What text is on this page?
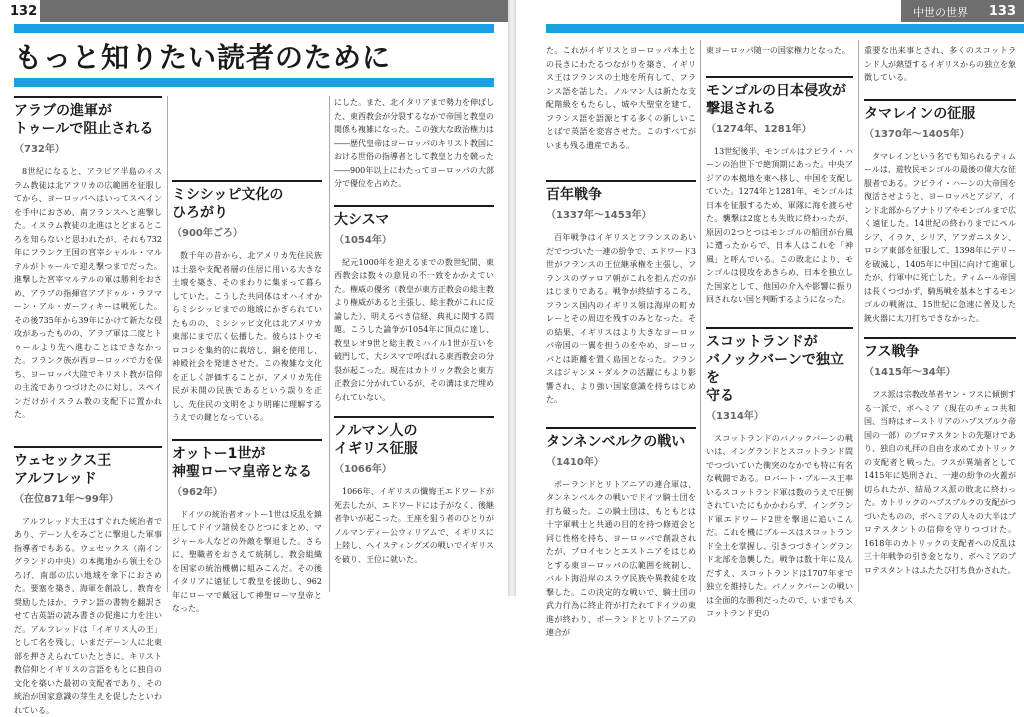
132
もっと知りたい読者のために
アラブの進軍が
トゥールで阻止される
（732年）

8世紀になると、アラビア半島のイスラム教徒は北アフリカの広範囲を征服してから、ヨーロッパへはいってスペインを手中におさめ、南フランスへと進撃した。イスラム教徒の北進はとどまるところを知らないと思われたが、それも732年にフランク王国の宮宰シャルル・マルテルがトゥールで迎え撃つまでだった。進撃した宮宰マルテルの軍は勝利をおさめ、アラブの指揮官アブドゥル・ラフマーン・アル・ガーフィキーは戦死した。その後735年から39年にかけて新たな侵攻があったものの、アラブ軍は二度とトゥールより先へ進むことはできなかった。フランク族が西ヨーロッパで力を保ち、ヨーロッパ大陸でキリスト教が信仰の主流でありつづけたのに対し、スペインだけがイスラム教の支配下に置かれた。

ウェセックス王
アルフレッド
（在位871年〜99年）

アルフレッド大王はすぐれた統治者であり、デーン人をみごとに撃退した軍事指導者でもある。ウェセックス（南イングランドの中央）の本拠地から領土をひろげ、南部の広い地域を傘下におさめた。要塞を築き、海軍を創設し、教育を奨励したほか、ラテン語の書物を翻訳させて古英語の読み書きの促進に力を注いだ。アルフレッドは「イギリス人の王」として名を残し、いまだデーン人に北東部を押さえられていたときに、キリスト教信仰とイギリスの言語をもとに独自の文化を築いた最初の支配者であり、その統治が国家意識の芽生えを促したといわれている。

ミシシッピ文化の
ひろがり
（900年ごろ）

数千年の昔から、北アメリカ先住民族は土塁や支配者層の住居に用いる大きな土壇を築き、そのまわりに集まって暮らしていた。こうした共同体はオハイオからミシシッピまでの地域にかぎられていたものの、ミシシッピ文化は北アメリカ東部にまで広く伝播した。彼らはトウモロコシを集約的に栽培し、銅を使用し、神殿社会を発達させた。この複雑な文化を正しく評価することが、アメリカ先住民が未開の民族であるという誤りを正し、先住民の文明をより明確に理解するうえでの鍵となっている。

オットー1世が
神聖ローマ皇帝となる
（962年）

ドイツの統治者オットー1世は反乱を鎮圧してドイツ諸侯をひとつにまとめ、マジャール人などの外敵を撃退した。さらに、聖職者をおさえて統制し、教会組織を国家の統治機構に組みこんだ。その後イタリアに遠征して教皇を援助し、962年にローマで戴冠して神聖ローマ皇帝となった。

にした。また、北イタリアまで勢力を伸ばした、東西教会が分裂するなかで帝国と教皇の関係も複雑になった。この強大な政治権力は――歴代皇帝はヨーロッパのキリスト教国における世俗の指導者として教皇と力を競った――900年以上にわたってヨーロッパの大部分で優位を占めた。

大シスマ
（1054年）

紀元1000年を迎えるまでの数世紀間、東西教会は数々の意見の不一致をかかえていた。権威の優劣（教皇が東方正教会の総主教より権威があると主張し、総主教がこれに反論した）、明えるべき信経、典礼に関する問題。こうした論争が1054年に頂点に達し、教皇レオ9世と総主教ミハイル1世が互いを破門して、大シスマで呼ばれる東西教会の分裂が起こった。現在はカトリック教会と東方正教会に分かれているが、その溝はまだ埋められていない。

ノルマン人の
イギリス征服
（1066年）

1066年、イギリスの懺悔王エドワードが死去したが、エドワードには子がなく、後継者争いが起こった。王座を狙う者のひとりがノルマンディー公ウィリアムで、イギリスに上陸し、ヘイスティングズの戦いでイギリスを破り、王位に就いた。

中世の世界 133

た。これがイギリスとヨーロッパ本土との長きにわたるつながりを築き、イギリス王はフランスの土地を所有して、フランス語を話した。ノルマン人は新たな支配階級をもたらし、城や大聖堂を建て、フランス語を語源とする多くの新しいことばで英語を変容させた。このすべてがいまも残る遺産である。

百年戦争
（1337年〜1453年）

百年戦争はイギリスとフランスのあいだでつづいた一連の紛争で、エドワード3世がフランスの王位継承権を主張し、フランスのヴァロア朝がこれを拒んだのがはじまりである。戦争が終結するころ、フランス国内のイギリス領は海岸の町カレーとその周辺を残すのみとなった。その結果、イギリスはより大きなヨーロッパ帝国の一翼を担うのをやめ、ヨーロッパとは距離を置く島国となった。フランスはジャンヌ・ダルクの活躍にもより影響され、より強い国家意識を持ちはじめた。

タンネンベルクの戦い
（1410年）

ポーランドとリトアニアの連合軍は、タンネンベルクの戦いでドイツ騎士団を打ち破った。この騎士団は、もともとは十字軍戦士と共通の目的を持つ修道会と同じ性格を持ち、ヨーロッパで創設されたが、プロイセンとエストニアをはじめとする東ヨーロッパの広範囲を統制し、バルト海沿岸のスラヴ民族や異教徒を攻撃した。この決定的な戦いで、騎士団の武力行為に終止符が打たれてドイツの東進が終わり、ポーランドとリトアニアの連合が

東ヨーロッパ随一の国家権力となった。

モンゴルの日本侵攻が
撃退される
（1274年、1281年）

13世紀後半、モンゴルはフビライ・ハーンの治世下で絶頂期にあった。中央アジアの本拠地を東へ移し、中国を支配していた。1274年と1281年、モンゴルは日本を征服するため、軍隊に海を渡らせた。襲撃は2度とも失敗に終わったが、原因の2つとつはモンゴルの船団が台風に遭ったからで、日本人はこれを「神風」と呼んでいる。この敗北により、モンゴルは侵攻をあきらめ、日本を独立した国家として、他国の介入や影響に振り回されない国と判断するようになった。

スコットランドが
バノックバーンで独立を
守る
（1314年）

スコットランドのバノックバーンの戦いは、イングランドとスコットランド間でつづいていた衝突のなかでも特に有名な戦闘である。ロバート・ブルース王率いるスコットランド軍は数のうえで圧倒されていたにもかかわらず、イングランド軍エドワード2世を撃退に追いこんだ。これを機にブルースはスコットランド全土を掌握し、引きつづきイングランド北部を急襲した。戦争は数十年に及んだすえ、スコットランドは1707年まで独立を維持した。バノックバーンの戦いは全面的な勝利だったので、いまでもスコットランド史の

重要な出来事とされ、多くのスコットランド人が熱望するイギリスからの独立を象徴している。

タマレインの征服
（1370年〜1405年）

タマレインという名でも知られるティムールは、遊牧民モンゴルの最後の偉大な征服者である。フビライ・ハーンの大帝国を復活させようと、ヨーロッパとアジア、インド北部からアナトリアやモンゴルまで広く遠征した。14世紀の終わりまでにペルシア、イラク、シリア、アフガニスタン、ロシア東部を征服して、1398年にデリーを破滅し、1405年に中国に向けて進軍したが、行軍中に死亡した。ティムール帝国は長くつづかず、騎馬戦を基本とするモンゴルの戦術は、15世紀に急速に普及した銃火器に太刀打ちできなかった。

フス戦争
（1415年〜34年）

フス派は宗教改革者ヤン・フスに傾倒する一派で、ボヘミア（現在のチェコ共和国、当時はオーストリアのハプスブルク帝国の一部）のプロテスタントの先駆けであり、独自の礼拝の自由を求めてカトリックの支配者と戦った。フスが異端者として1415年に処刑され、一連の紛争の火蓋が切られたが、結局フス派の敗北に終わった。カトリックのハプスブルクの支配がつづいたものの、ボヘミアの人々の大半はプロテスタントの信仰を守りつづけた。1618年のカトリックの支配者への反乱は三十年戦争の引き金となり、ボヘミアのプロテスタントはふたたび打ち負かされた。
